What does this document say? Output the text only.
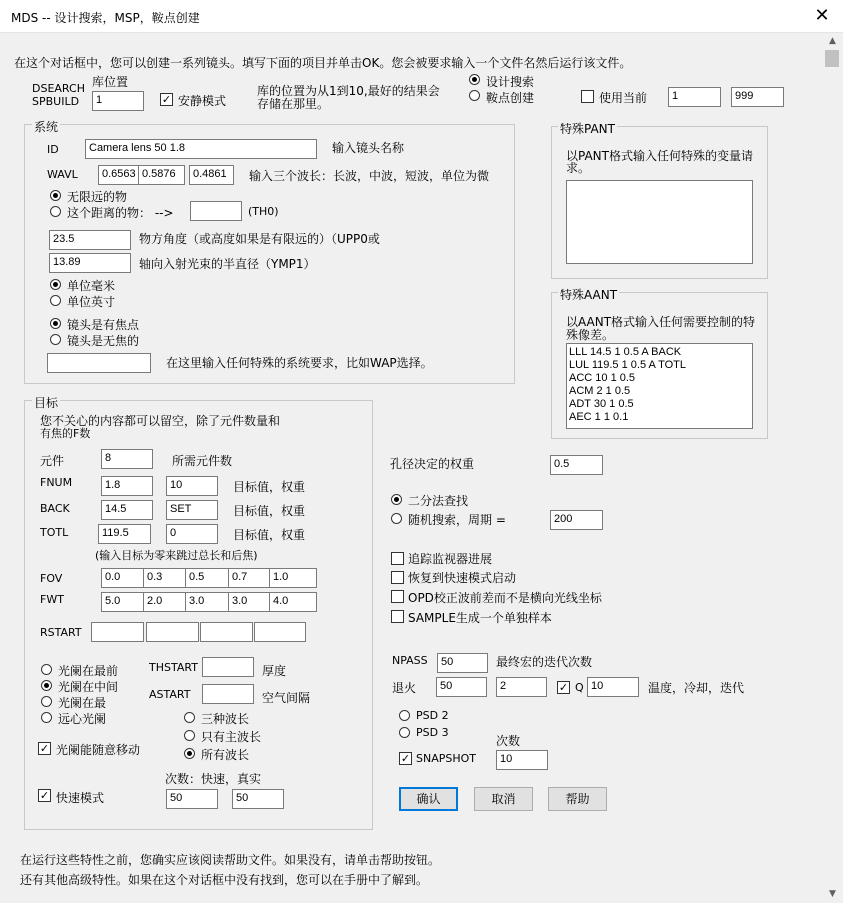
MDS -- 设计搜索，MSP，鞍点创建	✕
在这个对话框中，您可以创建一系列镜头。填写下面的项目并单击OK。您会被要求输入一个文件名然后运行该文件。
DSEARCH
SPBUILD
库位置
1	✓ 安静模式
库的位置为从1到10,最好的结果会
存储在那里。
设计搜索
鞍点创建	使用当前	1	999
系统
ID	Camera lens 50 1.8	输入镜头名称
WAVL	0.6563 0.5876	0.4861	输入三个波长：长波，中波，短波，单位为微
无限远的物
这个距离的物： -->	(TH0)
23.5	物方角度（或高度如果是有限远的）（UPP0或
13.89	轴向入射光束的半直径（YMP1）
单位毫米
单位英寸
镜头是有焦点
镜头是无焦的
在这里输入任何特殊的系统要求，比如WAP选择。
特殊PANT
以PANT格式输入任何特殊的变量请
求。
特殊AANT
以AANT格式输入任何需要控制的特
殊像差。
LLL 14.5 1 0.5 A BACK
LUL 119.5 1 0.5 A TOTL
ACC 10 1 0.5
ACM 2 1 0.5
ADT 30 1 0.5
AEC 1 1 0.1
目标
您不关心的内容都可以留空，除了元件数量和
有焦的F数
元件	8	所需元件数
FNUM	1.8	10	目标值，权重
BACK	14.5	SET	目标值，权重
TOTL	119.5	0	目标值，权重
(输入目标为零来跳过总长和后焦)
FOV	0.0	0.3	0.5	0.7	1.0
FWT	5.0	2.0	3.0	3.0	4.0
RSTART
光阑在最前
光阑在中间
光阑在最
远心光阑
THSTART	厚度
ASTART	空气间隔
三种波长
只有主波长
所有波长
✓ 光阑能随意移动
次数：快速，真实
✓ 快速模式	50	50
孔径决定的权重	0.5
二分法查找
随机搜索，周期 =	200
追踪监视器进展
恢复到快速模式启动
OPD校正波前差而不是横向光线坐标
SAMPLE生成一个单独样本
NPASS	50	最终宏的迭代次数
退火	50	2	✓ Q 10	温度，冷却，迭代
PSD 2
PSD 3
次数
✓ SNAPSHOT	10
确认	取消	帮助
在运行这些特性之前，您确实应该阅读帮助文件。如果没有，请单击帮助按钮。
还有其他高级特性。如果在这个对话框中没有找到，您可以在手册中了解到。
▲
▼
